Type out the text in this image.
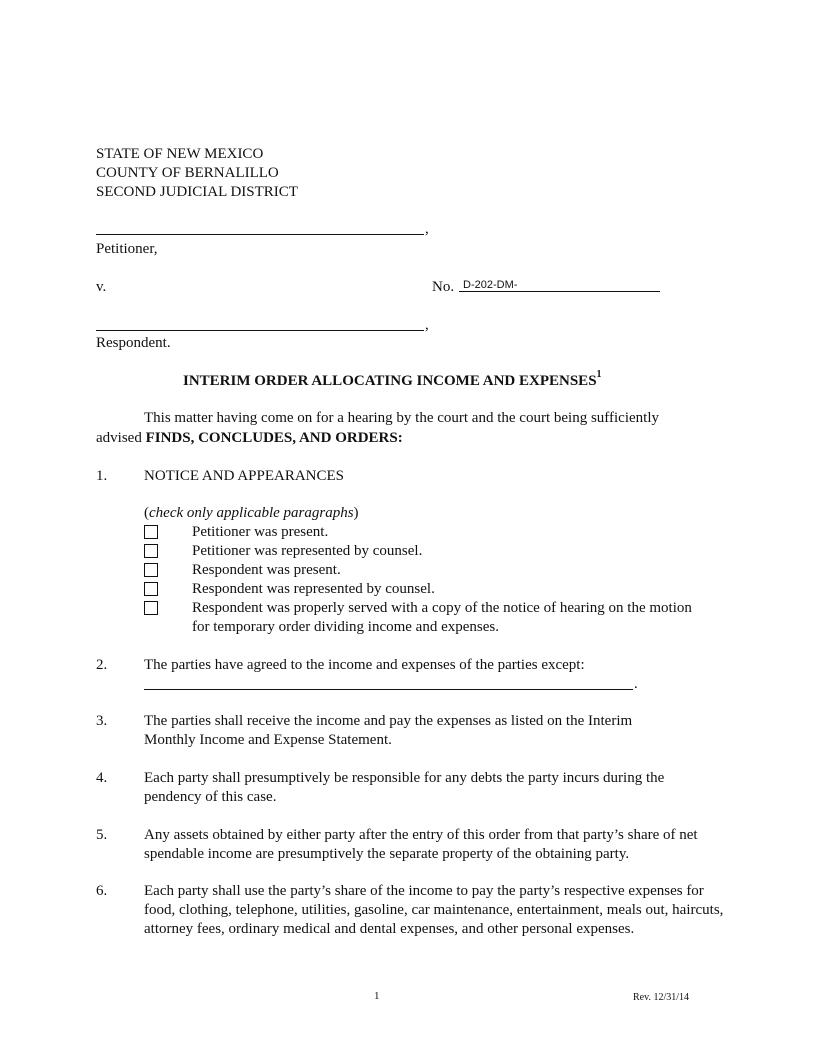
STATE OF NEW MEXICO
COUNTY OF BERNALILLO
SECOND JUDICIAL DISTRICT
,
Petitioner,
v.	No. D-202-DM-
,
Respondent.
INTERIM ORDER ALLOCATING INCOME AND EXPENSES$^1$
This matter having come on for a hearing by the court and the court being sufficiently
advised FINDS, CONCLUDES, AND ORDERS:
1.	NOTICE AND APPEARANCES
(check only applicable paragraphs)
Petitioner was present.
Petitioner was represented by counsel.
Respondent was present.
Respondent was represented by counsel.
Respondent was properly served with a copy of the notice of hearing on the motion for temporary order dividing income and expenses.
2.	The parties have agreed to the income and expenses of the parties except:
.
3.	The parties shall receive the income and pay the expenses as listed on the Interim Monthly Income and Expense Statement.
4.	Each party shall presumptively be responsible for any debts the party incurs during the pendency of this case.
5.	Any assets obtained by either party after the entry of this order from that party’s share of net spendable income are presumptively the separate property of the obtaining party.
6.	Each party shall use the party’s share of the income to pay the party’s respective expenses for food, clothing, telephone, utilities, gasoline, car maintenance, entertainment, meals out, haircuts, attorney fees, ordinary medical and dental expenses, and other personal expenses.
1	Rev. 12/31/14
